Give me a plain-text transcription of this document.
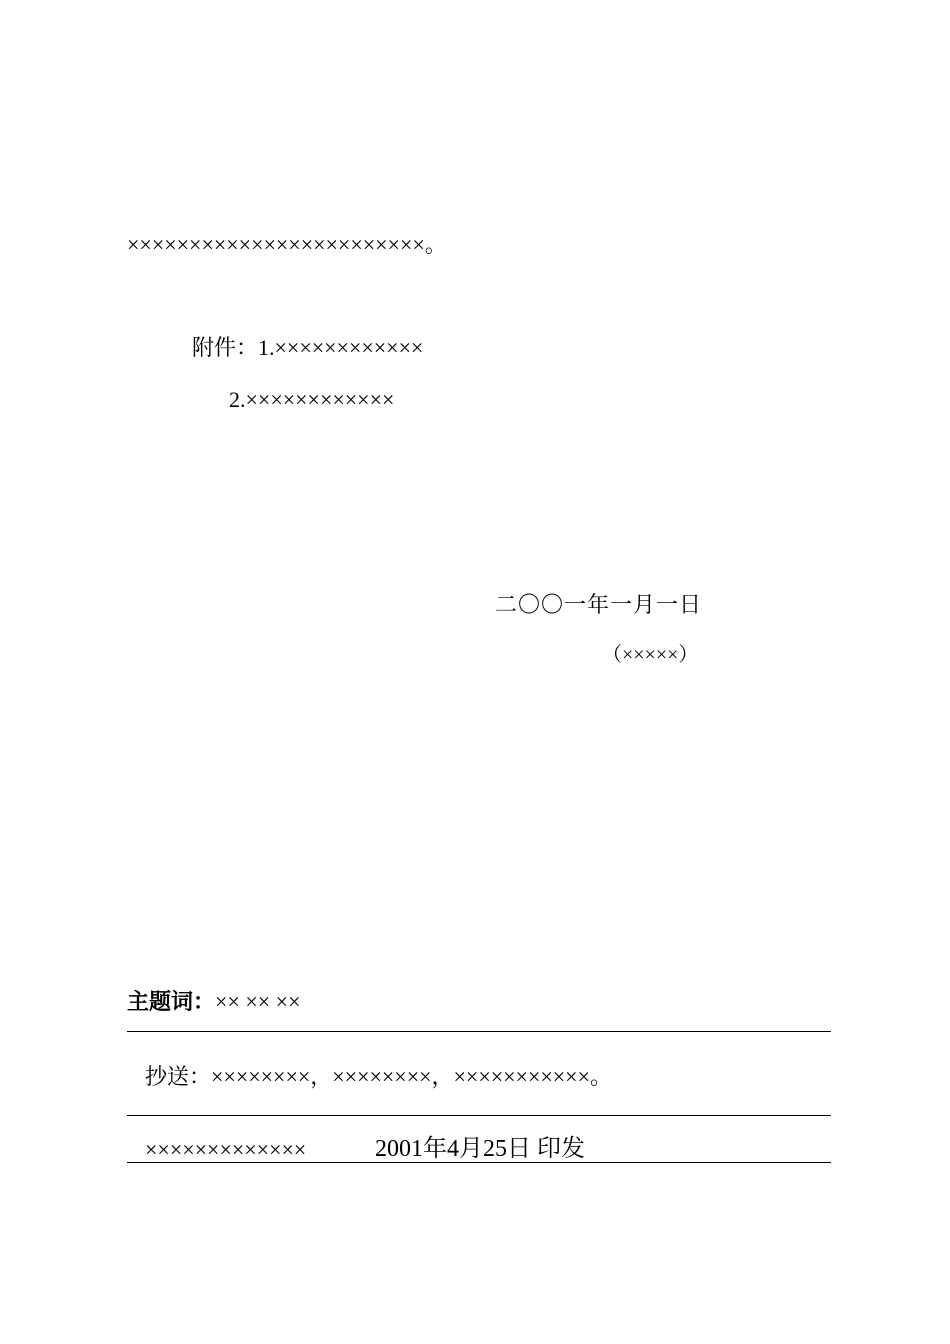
××××××××××××××××××××××××。
附件：1.××××××××××××
2.××××××××××××
二〇〇一年一月一日
（×××××）
主题词：×× ×× ××
抄送：××××××××，××××××××，×××××××××××。
×××××××××××××	2001年4月25日 印发
